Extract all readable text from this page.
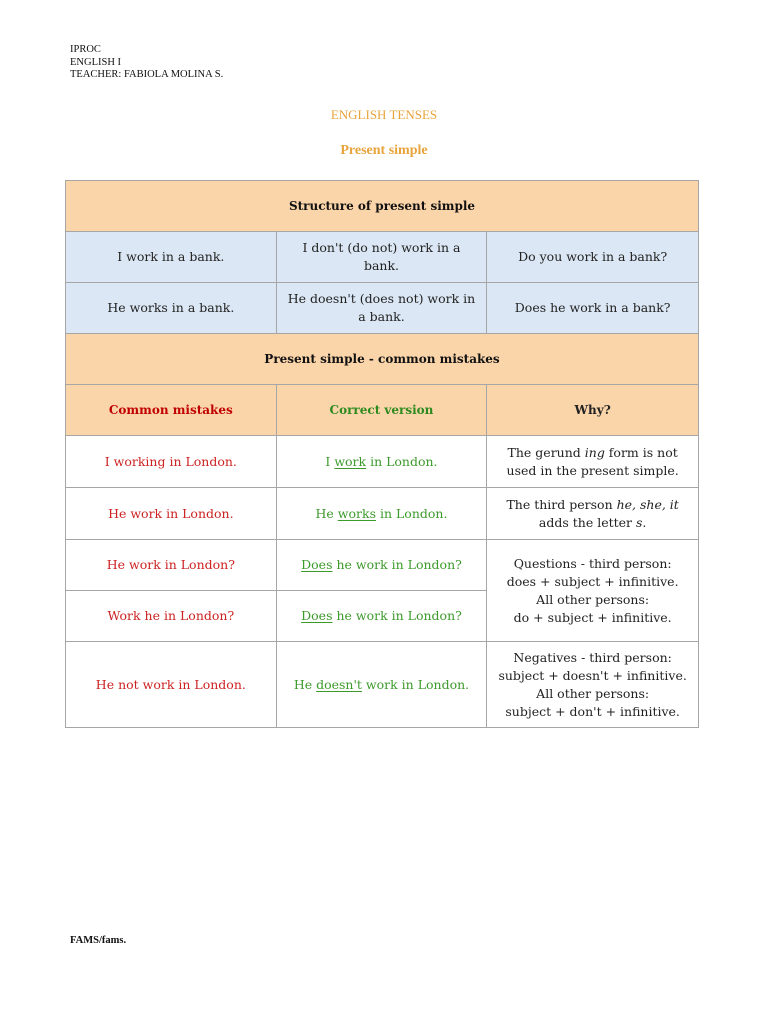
IPROC
ENGLISH I
TEACHER: FABIOLA MOLINA S.
ENGLISH TENSES
Present simple
Structure of present simple		
I work in a bank.	I don't (do not) work in a bank.	Do you work in a bank?
He works in a bank.	He doesn't (does not) work in a bank.	Does he work in a bank?
Present simple - common mistakes		
Common mistakes	Correct version	Why?
I working in London.	I work in London.	The gerund ing form is not used in the present simple.
He work in London.	He works in London.	The third person he, she, it
adds the letter s.
He work in London?	Does he work in London?	Questions - third person:
does + subject + infinitive.
All other persons:
do + subject + infinitive.

Work he in London?	Does he work in London?	
He not work in London.	He doesn't work in London.	Negatives - third person:
subject + doesn't + infinitive.
All other persons:
subject + don't + infinitive.
FAMS/fams.
